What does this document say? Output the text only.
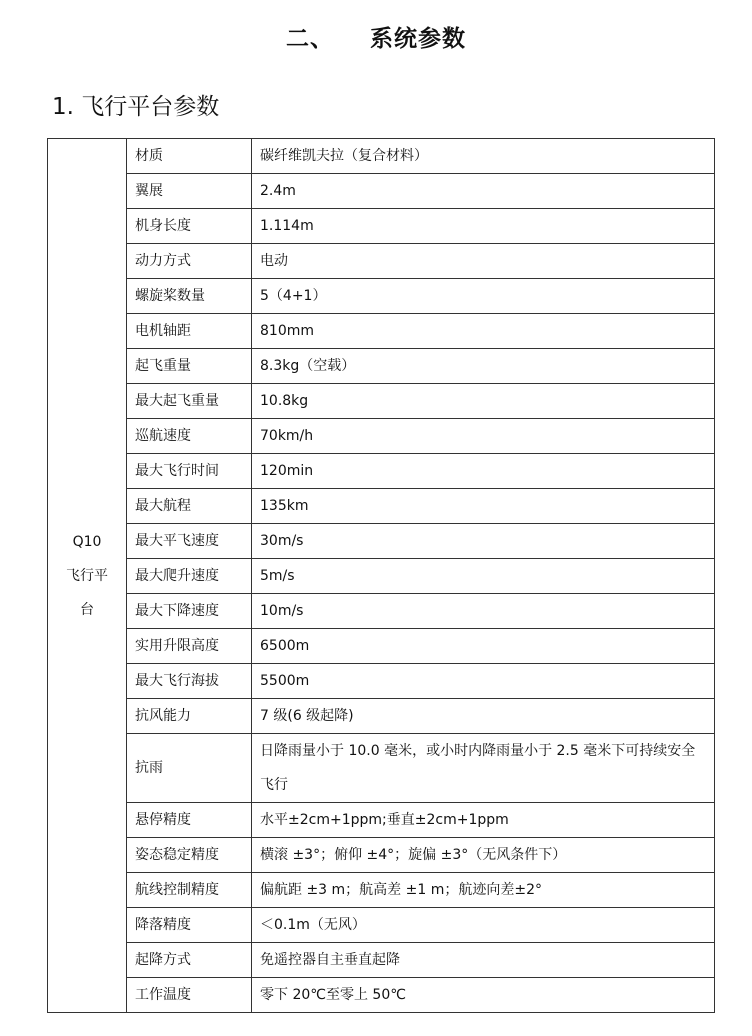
二、    系统参数
1. 飞行平台参数
Q10
飞行平
台	材质	碳纤维凯夫拉（复合材料）
	翼展	2.4m
	机身长度	1.114m
	动力方式	电动
	螺旋桨数量	5（4+1）
	电机轴距	810mm
	起飞重量	8.3kg（空载）
	最大起飞重量	10.8kg
	巡航速度	70km/h
	最大飞行时间	120min
	最大航程	135km
	最大平飞速度	30m/s
	最大爬升速度	5m/s
	最大下降速度	10m/s
	实用升限高度	6500m
	最大飞行海拔	5500m
	抗风能力	7 级(6 级起降)
	抗雨	日降雨量小于 10.0 毫米，或小时内降雨量小于 2.5 毫米下可持续安全飞行
	悬停精度	水平±2cm+1ppm;垂直±2cm+1ppm
	姿态稳定精度	横滚 ±3°；俯仰 ±4°；旋偏 ±3°（无风条件下）
	航线控制精度	偏航距 ±3 m；航高差 ±1 m；航迹向差±2°
	降落精度	＜0.1m（无风）
	起降方式	免遥控器自主垂直起降
	工作温度	零下 20℃至零上 50℃
